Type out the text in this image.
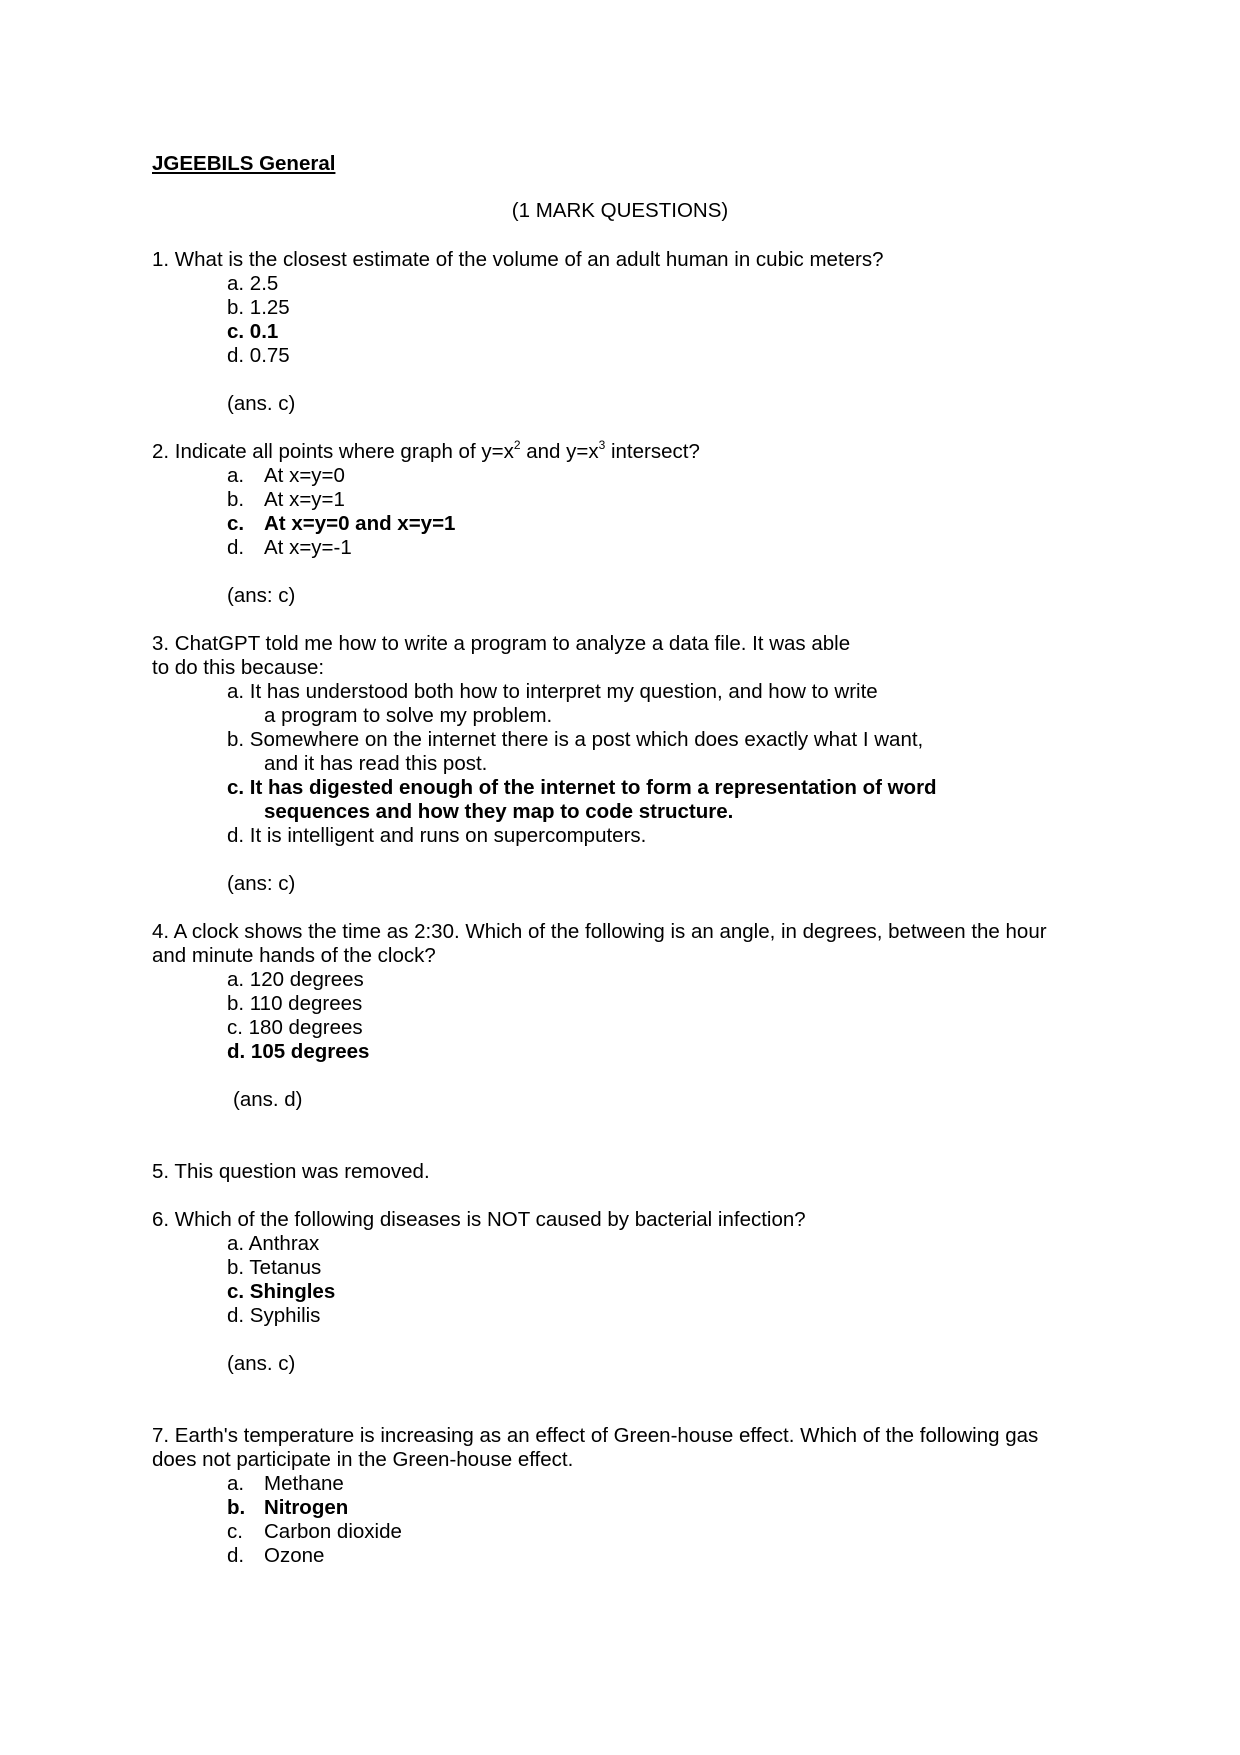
JGEEBILS General
(1 MARK QUESTIONS)
1. What is the closest estimate of the volume of an adult human in cubic meters?
a. 2.5
b. 1.25
c. 0.1
d. 0.75
(ans. c)
2. Indicate all points where graph of $y=x^2$ and $y=x^3$ intersect?
a. At x=y=0
b. At x=y=1
c. At x=y=0 and x=y=1
d. At x=y=-1
(ans: c)
3. ChatGPT told me how to write a program to analyze a data file. It was able
to do this because:
a. It has understood both how to interpret my question, and how to write
a program to solve my problem.
b. Somewhere on the internet there is a post which does exactly what I want,
and it has read this post.
c. It has digested enough of the internet to form a representation of word
sequences and how they map to code structure.
d. It is intelligent and runs on supercomputers.
(ans: c)
4. A clock shows the time as 2:30. Which of the following is an angle, in degrees, between the hour
and minute hands of the clock?
a. 120 degrees
b. 110 degrees
c. 180 degrees
d. 105 degrees
(ans. d)
5. This question was removed.
6. Which of the following diseases is NOT caused by bacterial infection?
a. Anthrax
b. Tetanus
c. Shingles
d. Syphilis
(ans. c)
7. Earth's temperature is increasing as an effect of Green-house effect. Which of the following gas
does not participate in the Green-house effect.
a. Methane
b. Nitrogen
c. Carbon dioxide
d. Ozone
